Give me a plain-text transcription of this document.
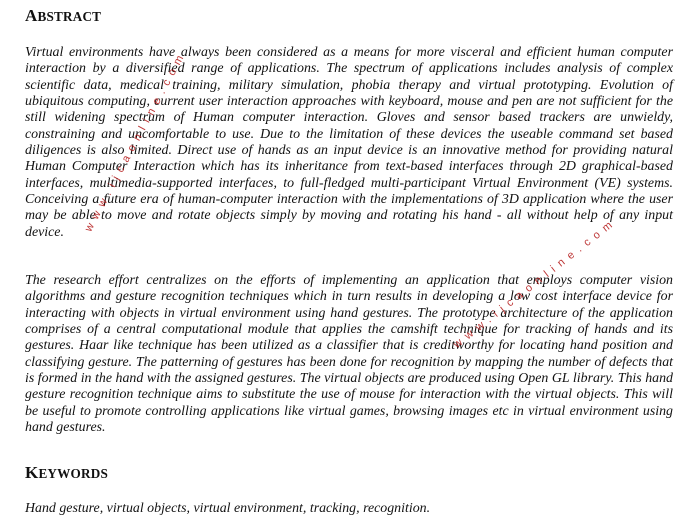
ABSTRACT

Virtual environments have always been considered as a means for more visceral and efficient human computer interaction by a diversified range of applications. The spectrum of applications includes analysis of complex scientific data, medical training, military simulation, phobia therapy and virtual prototyping. Evolution of ubiquitous computing, current user interaction approaches with keyboard, mouse and pen are not sufficient for the still widening spectrum of Human computer interaction. Gloves and sensor based trackers are unwieldy, constraining and uncomfortable to use. Due to the limitation of these devices the useable command set based diligences is also limited. Direct use of hands as an input device is an innovative method for providing natural Human Computer Interaction which has its inheritance from text-based interfaces through 2D graphical-based interfaces, multimedia-supported interfaces, to full-fledged multi-participant Virtual Environment (VE) systems. Conceiving a future era of human-computer interaction with the implementations of 3D application where the user may be able to move and rotate objects simply by moving and rotating his hand - all without help of any input device.

The research effort centralizes on the efforts of implementing an application that employs computer vision algorithms and gesture recognition techniques which in turn results in developing a low cost interface device for interacting with objects in virtual environment using hand gestures. The prototype architecture of the application comprises of a central computational module that applies the camshift technique for tracking of hands and its gestures. Haar like technique has been utilized as a classifier that is creditworthy for locating hand position and classifying gesture. The patterning of gestures has been done for recognition by mapping the number of defects that is formed in the hand with the assigned gestures. The virtual objects are produced using Open GL library. This hand gesture recognition technique aims to substitute the use of mouse for interaction with the virtual objects. This will be useful to promote controlling applications like virtual games, browsing images etc in virtual environment using hand gestures.

KEYWORDS

Hand gesture, virtual objects, virtual environment, tracking, recognition.

www.ijcaonline.com
www.ijcaonline.com
